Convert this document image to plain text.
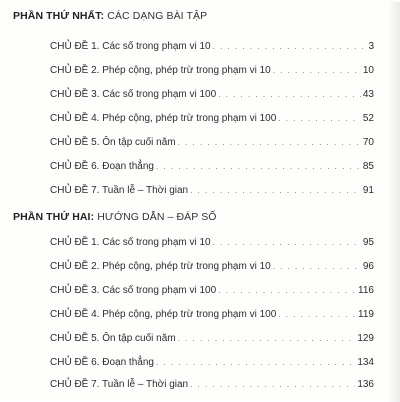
PHẦN THỨ NHẤT: CÁC DẠNG BÀI TẬP
CHỦ ĐỀ 1. Các số trong phạm vi 10 . . .	3
CHỦ ĐỀ 2. Phép cộng, phép trừ trong phạm vi 10 . . .	10
CHỦ ĐỀ 3. Các số trong phạm vi 100 . . .	43
CHỦ ĐỀ 4. Phép cộng, phép trừ trong phạm vi 100 . . .	52
CHỦ ĐỀ 5. Ôn tập cuối năm . . .	70
CHỦ ĐỀ 6. Đoạn thẳng . . .	85
CHỦ ĐỀ 7. Tuần lễ – Thời gian . . .	91
PHẦN THỨ HAI: HƯỚNG DẪN – ĐÁP SỐ
CHỦ ĐỀ 1. Các số trong phạm vi 10 . . .	95
CHỦ ĐỀ 2. Phép cộng, phép trừ trong phạm vi 10 . . .	96
CHỦ ĐỀ 3. Các số trong phạm vi 100 . . .	116
CHỦ ĐỀ 4. Phép cộng, phép trừ trong phạm vi 100 . . .	119
CHỦ ĐỀ 5. Ôn tập cuối năm . . .	129
CHỦ ĐỀ 6. Đoạn thẳng . . .	134
CHỦ ĐỀ 7. Tuần lễ – Thời gian . . .	136
